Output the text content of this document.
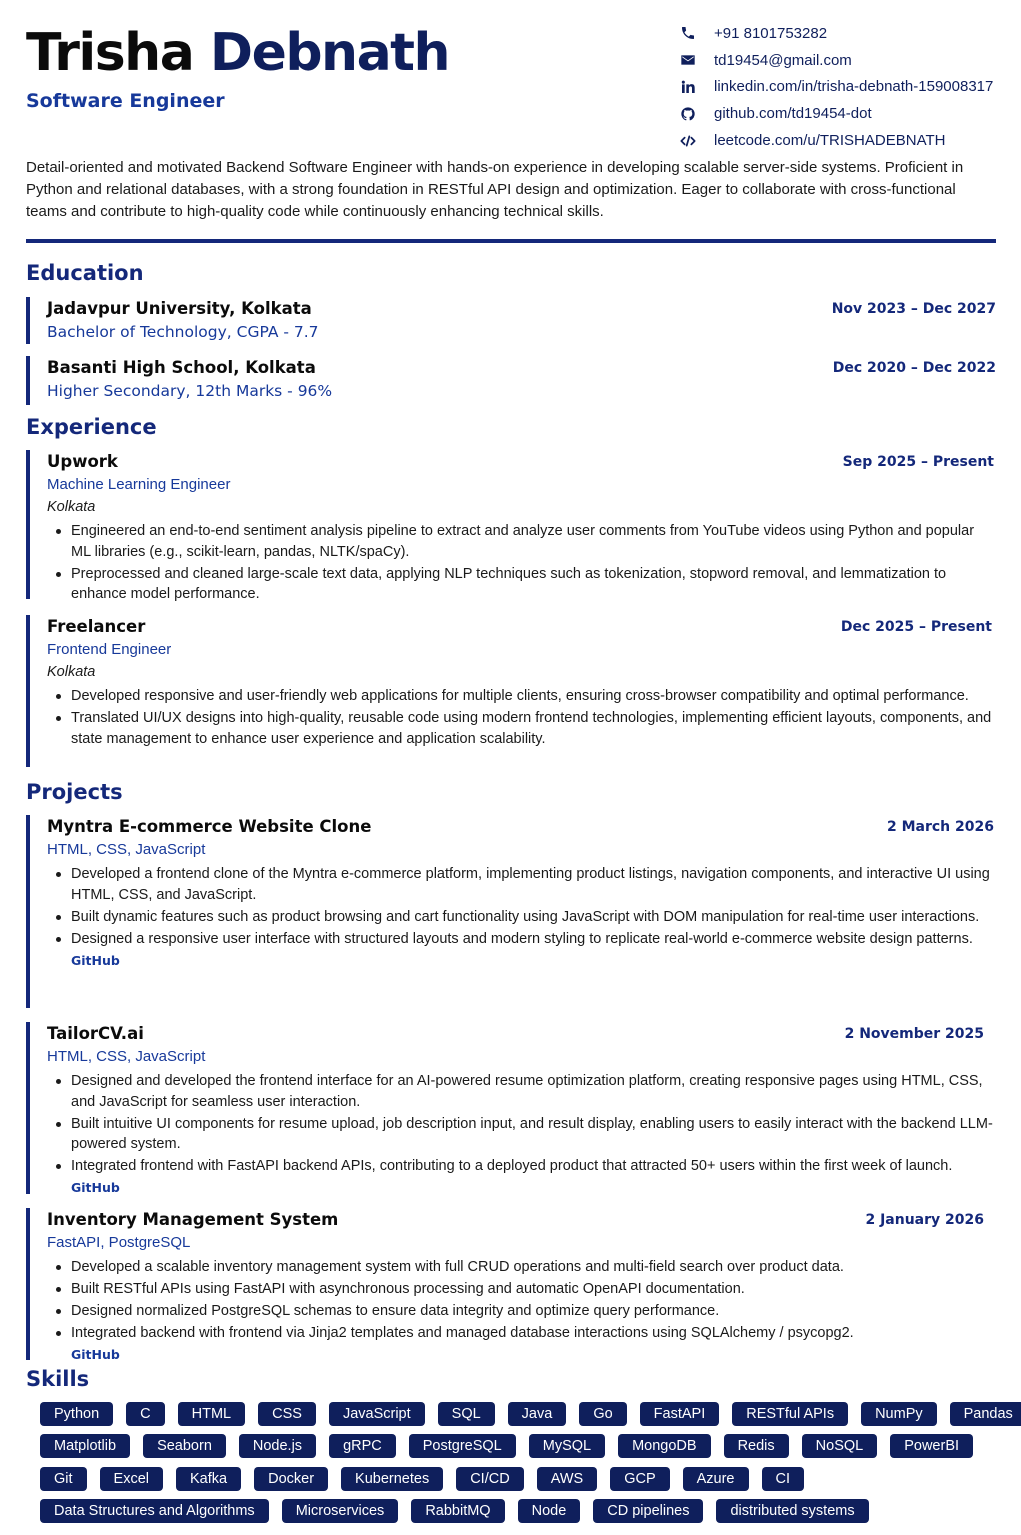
Trisha Debnath
Software Engineer
+91 8101753282
td19454@gmail.com
linkedin.com/in/trisha-debnath-159008317
github.com/td19454-dot
leetcode.com/u/TRISHADEBNATH
Detail-oriented and motivated Backend Software Engineer with hands-on experience in developing scalable server-side systems. Proficient in Python and relational databases, with a strong foundation in RESTful API design and optimization. Eager to collaborate with cross-functional teams and contribute to high-quality code while continuously enhancing technical skills.
Education
Jadavpur University, Kolkata
Bachelor of Technology, CGPA - 7.7
Nov 2023 – Dec 2027
Basanti High School, Kolkata
Higher Secondary, 12th Marks - 96%
Dec 2020 – Dec 2022
Experience
Upwork
Machine Learning Engineer
Kolkata
Sep 2025 – Present
Engineered an end-to-end sentiment analysis pipeline to extract and analyze user comments from YouTube videos using Python and popular ML libraries (e.g., scikit-learn, pandas, NLTK/spaCy).
Preprocessed and cleaned large-scale text data, applying NLP techniques such as tokenization, stopword removal, and lemmatization to enhance model performance.
Freelancer
Frontend Engineer
Kolkata
Dec 2025 – Present
Developed responsive and user-friendly web applications for multiple clients, ensuring cross-browser compatibility and optimal performance.
Translated UI/UX designs into high-quality, reusable code using modern frontend technologies, implementing efficient layouts, components, and state management to enhance user experience and application scalability.
Projects
Myntra E-commerce Website Clone
HTML, CSS, JavaScript
2 March 2026
Developed a frontend clone of the Myntra e-commerce platform, implementing product listings, navigation components, and interactive UI using HTML, CSS, and JavaScript.
Built dynamic features such as product browsing and cart functionality using JavaScript with DOM manipulation for real-time user interactions.
Designed a responsive user interface with structured layouts and modern styling to replicate real-world e-commerce website design patterns.
GitHub
TailorCV.ai
HTML, CSS, JavaScript
2 November 2025
Designed and developed the frontend interface for an AI-powered resume optimization platform, creating responsive pages using HTML, CSS, and JavaScript for seamless user interaction.
Built intuitive UI components for resume upload, job description input, and result display, enabling users to easily interact with the backend LLM-powered system.
Integrated frontend with FastAPI backend APIs, contributing to a deployed product that attracted 50+ users within the first week of launch.
GitHub
Inventory Management System
FastAPI, PostgreSQL
2 January 2026
Developed a scalable inventory management system with full CRUD operations and multi-field search over product data.
Built RESTful APIs using FastAPI with asynchronous processing and automatic OpenAPI documentation.
Designed normalized PostgreSQL schemas to ensure data integrity and optimize query performance.
Integrated backend with frontend via Jinja2 templates and managed database interactions using SQLAlchemy / psycopg2.
GitHub
Skills
Python	C	HTML	CSS	JavaScript	SQL	Java	Go	FastAPI	RESTful APIs	NumPy	Pandas
Matplotlib	Seaborn	Node.js	gRPC	PostgreSQL	MySQL	MongoDB	Redis	NoSQL	PowerBI
Git	Excel	Kafka	Docker	Kubernetes	CI/CD	AWS	GCP	Azure	CI
Data Structures and Algorithms	Microservices	RabbitMQ	Node	CD pipelines	distributed systems
